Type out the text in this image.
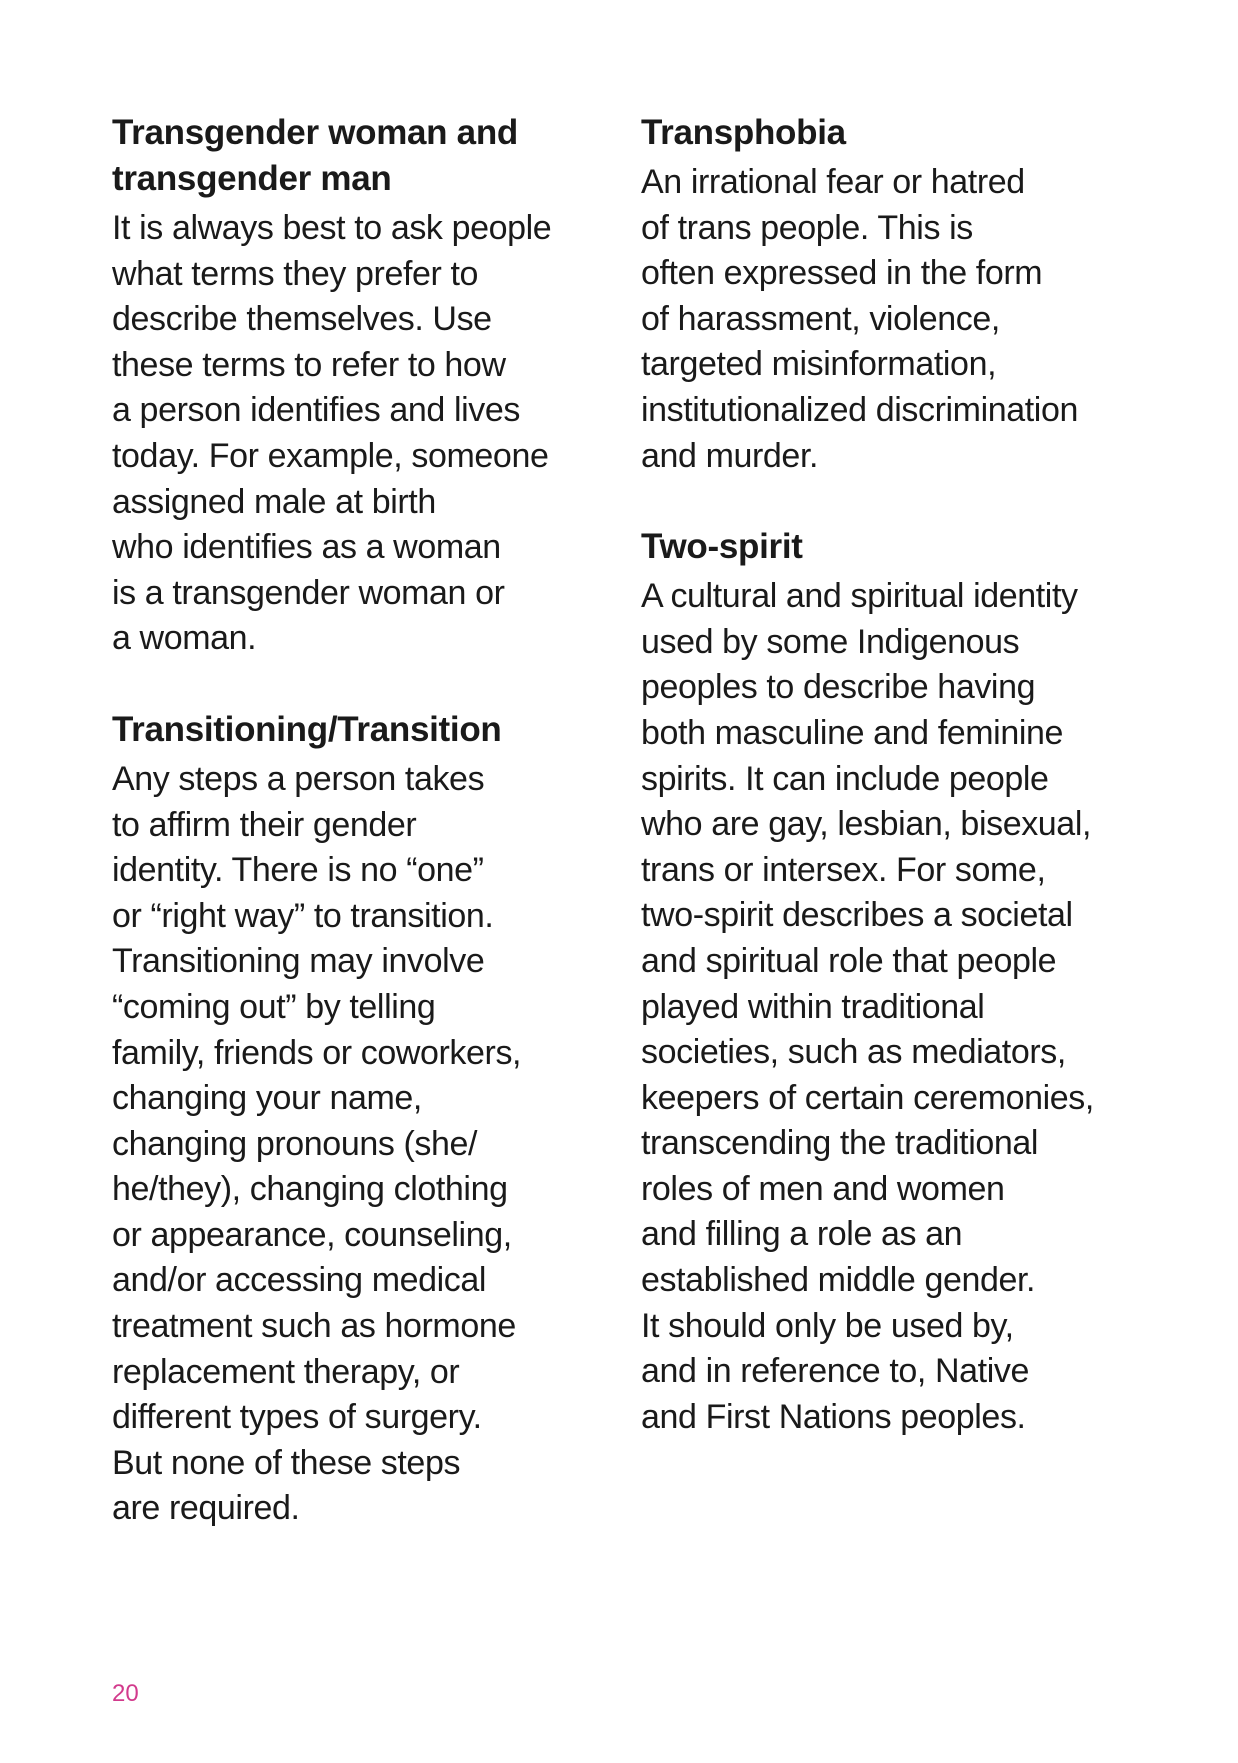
Transgender woman and
transgender man

It is always best to ask people
what terms they prefer to
describe themselves. Use
these terms to refer to how
a person identifies and lives
today. For example, someone
assigned male at birth
who identifies as a woman
is a transgender woman or
a woman.

Transitioning/Transition

Any steps a person takes
to affirm their gender
identity. There is no “one”
or “right way” to transition.
Transitioning may involve
“coming out” by telling
family, friends or coworkers,
changing your name,
changing pronouns (she/
he/they), changing clothing
or appearance, counseling,
and/or accessing medical
treatment such as hormone
replacement therapy, or
different types of surgery.
But none of these steps
are required.

Transphobia

An irrational fear or hatred
of trans people. This is
often expressed in the form
of harassment, violence,
targeted misinformation,
institutionalized discrimination
and murder.

Two-spirit

A cultural and spiritual identity
used by some Indigenous
peoples to describe having
both masculine and feminine
spirits. It can include people
who are gay, lesbian, bisexual,
trans or intersex. For some,
two-spirit describes a societal
and spiritual role that people
played within traditional
societies, such as mediators,
keepers of certain ceremonies,
transcending the traditional
roles of men and women
and filling a role as an
established middle gender.
It should only be used by,
and in reference to, Native
and First Nations peoples.

20
